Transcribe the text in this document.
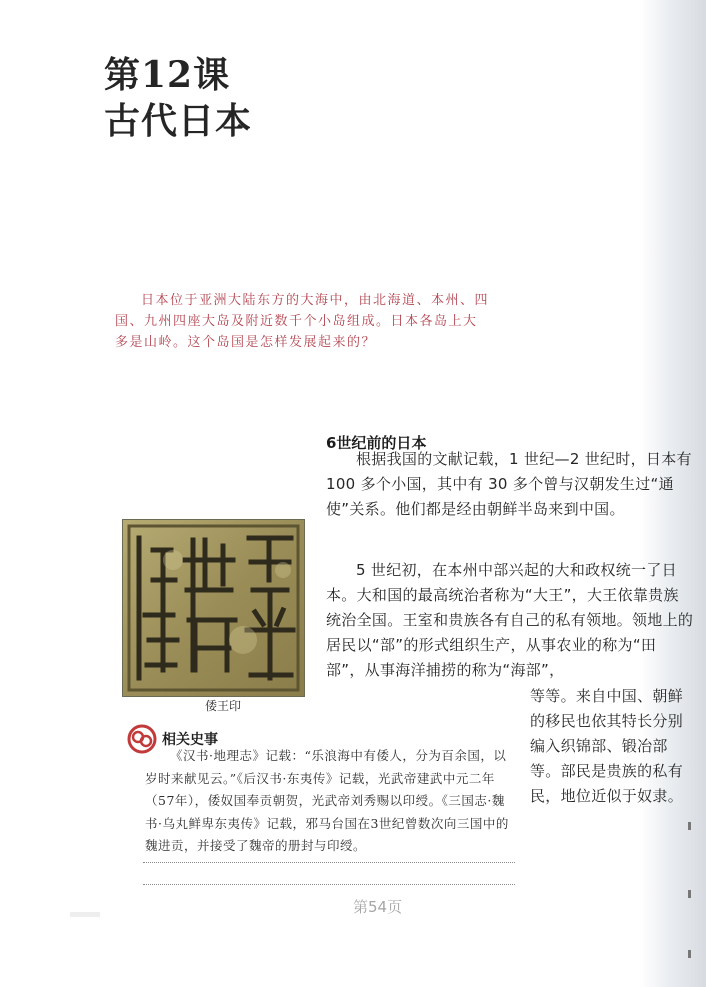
第12课
古代日本

日本位于亚洲大陆东方的大海中，由北海道、本州、四国、九州四座大岛及附近数千个小岛组成。日本各岛上大多是山岭。这个岛国是怎样发展起来的？

6世纪前的日本

根据我国的文献记载，1 世纪—2 世纪时，日本有 100 多个小国，其中有 30 多个曾与汉朝发生过“通使”关系。他们都是经由朝鲜半岛来到中国。

5 世纪初，在本州中部兴起的大和政权统一了日本。大和国的最高统治者称为“大王”，大王依靠贵族统治全国。王室和贵族各有自己的私有领地。领地上的居民以“部”的形式组织生产，从事农业的称为“田部”，从事海洋捕捞的称为“海部”，

等等。来自中国、朝鲜的移民也依其特长分别编入织锦部、锻冶部等。部民是贵族的私有民，地位近似于奴隶。

倭王印

相关史事

《汉书·地理志》记载：“乐浪海中有倭人，分为百余国，以岁时来献见云。”《后汉书·东夷传》记载，光武帝建武中元二年（57年），倭奴国奉贡朝贺，光武帝刘秀赐以印绶。《三国志·魏书·乌丸鲜卑东夷传》记载，邪马台国在3世纪曾数次向三国中的魏进贡，并接受了魏帝的册封与印绶。

第54页
